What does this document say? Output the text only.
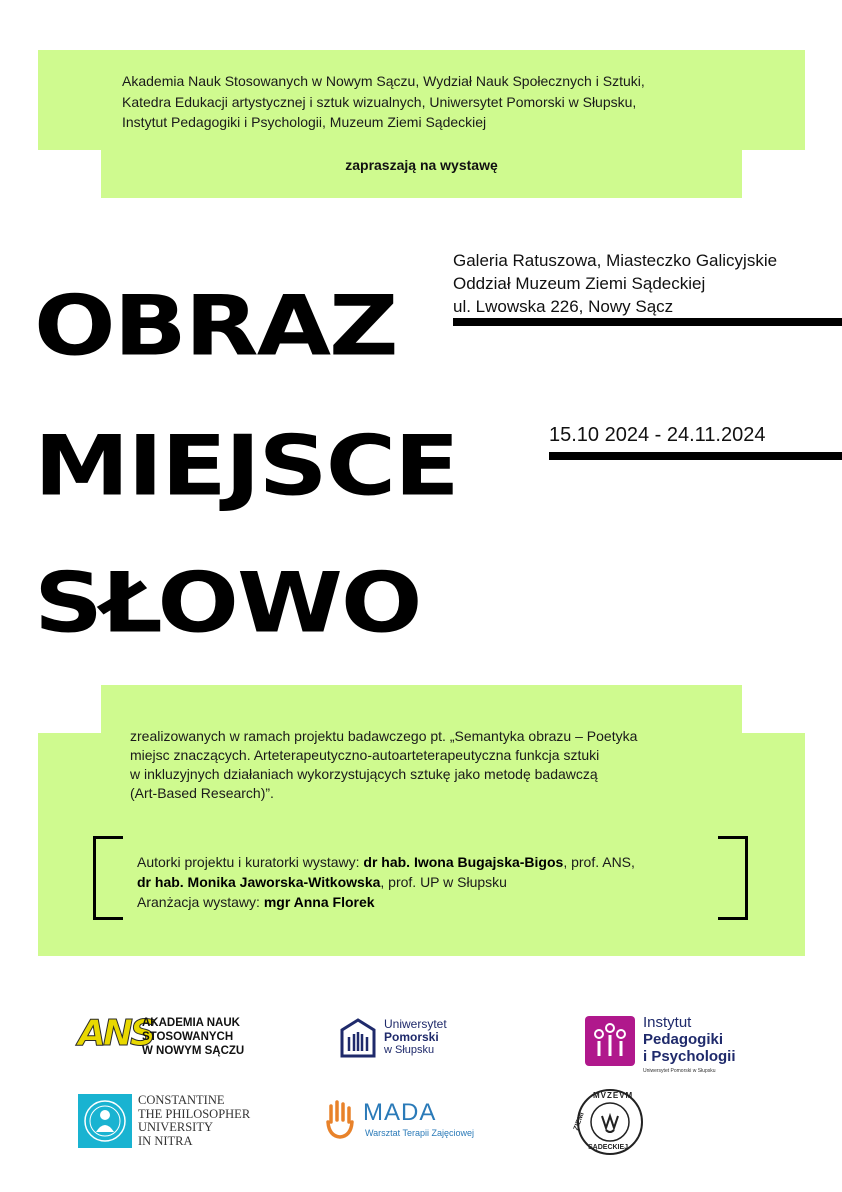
Akademia Nauk Stosowanych w Nowym Sączu, Wydział Nauk Społecznych i Sztuki,
Katedra Edukacji artystycznej i sztuk wizualnych, Uniwersytet Pomorski w Słupsku,
Instytut Pedagogiki i Psychologii, Muzeum Ziemi Sądeckiej
zapraszają na wystawę
OBRAZ
MIEJSCE
SŁOWO
Galeria Ratuszowa, Miasteczko Galicyjskie
Oddział Muzeum Ziemi Sądeckiej
ul. Lwowska 226, Nowy Sącz
15.10 2024 - 24.11.2024
zrealizowanych w ramach projektu badawczego pt. „Semantyka obrazu – Poetyka
miejsc znaczących. Arteterapeutyczno-autoarteterapeutyczna funkcja sztuki
w inkluzyjnych działaniach wykorzystujących sztukę jako metodę badawczą
(Art-Based Research)”.
Autorki projektu i kuratorki wystawy: dr hab. Iwona Bugajska-Bigos, prof. ANS,
dr hab. Monika Jaworska-Witkowska, prof. UP w Słupsku
Aranżacja wystawy: mgr Anna Florek
ANS
AKADEMIA NAUK
STOSOWANYCH
W NOWYM SĄCZU
Uniwersytet
Pomorski
w Słupsku
Instytut
Pedagogiki
i Psychologii
Uniwersytet Pomorski w Słupsku
CONSTANTINE
THE PHILOSOPHER
UNIVERSITY
IN NITRA
MADA
Warsztat Terapii Zajęciowej
MVZEVM
ZIEMI
SĄDECKIEJ
